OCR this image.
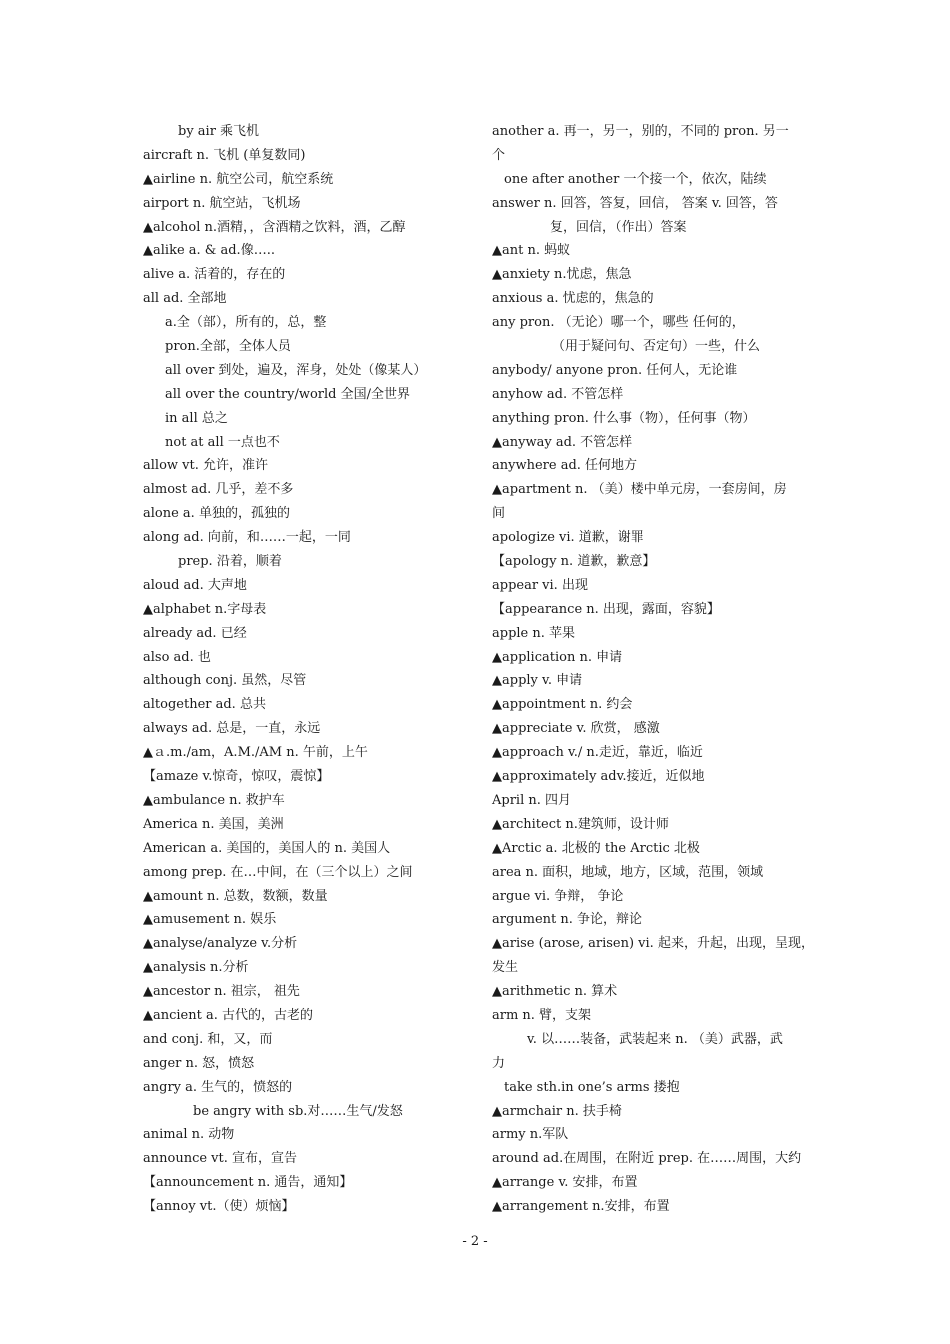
by air 乘飞机
aircraft n. 飞机 (单复数同)
▲airline n. 航空公司，航空系统
airport n. 航空站，飞机场
▲alcohol n.酒精，，含酒精之饮料，酒，乙醇
▲alike a. & ad.像…..
alive a. 活着的，存在的
all ad. 全部地
a.全（部），所有的，总，整
pron.全部，全体人员
all over 到处，遍及，浑身，处处（像某人）
all over the country/world 全国/全世界
in all 总之
not at all 一点也不
allow vt. 允许，准许
almost ad. 几乎，差不多
alone a. 单独的，孤独的
along ad. 向前，和……一起，一同
prep. 沿着，顺着
aloud ad. 大声地
▲alphabet n.字母表
already ad. 已经
also ad. 也
although conj. 虽然，尽管
altogether ad. 总共
always ad. 总是，一直，永远
▲ａ.m./am，A.M./AM n. 午前，上午
【amaze v.惊奇，惊叹，震惊】
▲ambulance n. 救护车
America n. 美国，美洲
American a. 美国的，美国人的 n. 美国人
among prep. 在…中间，在（三个以上）之间
▲amount n. 总数，数额，数量
▲amusement n. 娱乐
▲analyse/analyze v.分析
▲analysis n.分析
▲ancestor n. 祖宗， 祖先
▲ancient a. 古代的，古老的
and conj. 和，又，而
anger n. 怒，愤怒
angry a. 生气的，愤怒的
be angry with sb.对……生气/发怒
animal n. 动物
announce vt. 宣布，宣告
【announcement n. 通告，通知】
【annoy vt.（使）烦恼】
another a. 再一，另一，别的，不同的 pron. 另一
个
one after another 一个接一个，依次，陆续
answer n. 回答，答复，回信， 答案 v. 回答，答
复，回信，（作出）答案
▲ant n. 蚂蚁
▲anxiety n.忧虑，焦急
anxious a. 忧虑的，焦急的
any pron. （无论）哪一个，哪些 任何的，
（用于疑问句、否定句）一些，什么
anybody/ anyone pron. 任何人，无论谁
anyhow ad. 不管怎样
anything pron. 什么事（物），任何事（物）
▲anyway ad. 不管怎样
anywhere ad. 任何地方
▲apartment n. （美）楼中单元房，一套房间，房
间
apologize vi. 道歉，谢罪
【apology n. 道歉，歉意】
appear vi. 出现
【appearance n. 出现，露面，容貌】
apple n. 苹果
▲application n. 申请
▲apply v. 申请
▲appointment n. 约会
▲appreciate v. 欣赏， 感激
▲approach v./ n.走近，靠近，临近
▲approximately adv.接近，近似地
April n. 四月
▲architect n.建筑师，设计师
▲Arctic a. 北极的 the Arctic 北极
area n. 面积，地域，地方，区域，范围，领域
argue vi. 争辩， 争论
argument n. 争论，辩论
▲arise (arose, arisen) vi. 起来，升起，出现，呈现，
发生
▲arithmetic n. 算术
arm n. 臂，支架
v. 以……装备，武装起来 n. （美）武器，武
力
take sth.in one’s arms 搂抱
▲armchair n. 扶手椅
army n.军队
around ad.在周围，在附近 prep. 在……周围，大约
▲arrange v. 安排，布置
▲arrangement n.安排，布置
- 2 -
